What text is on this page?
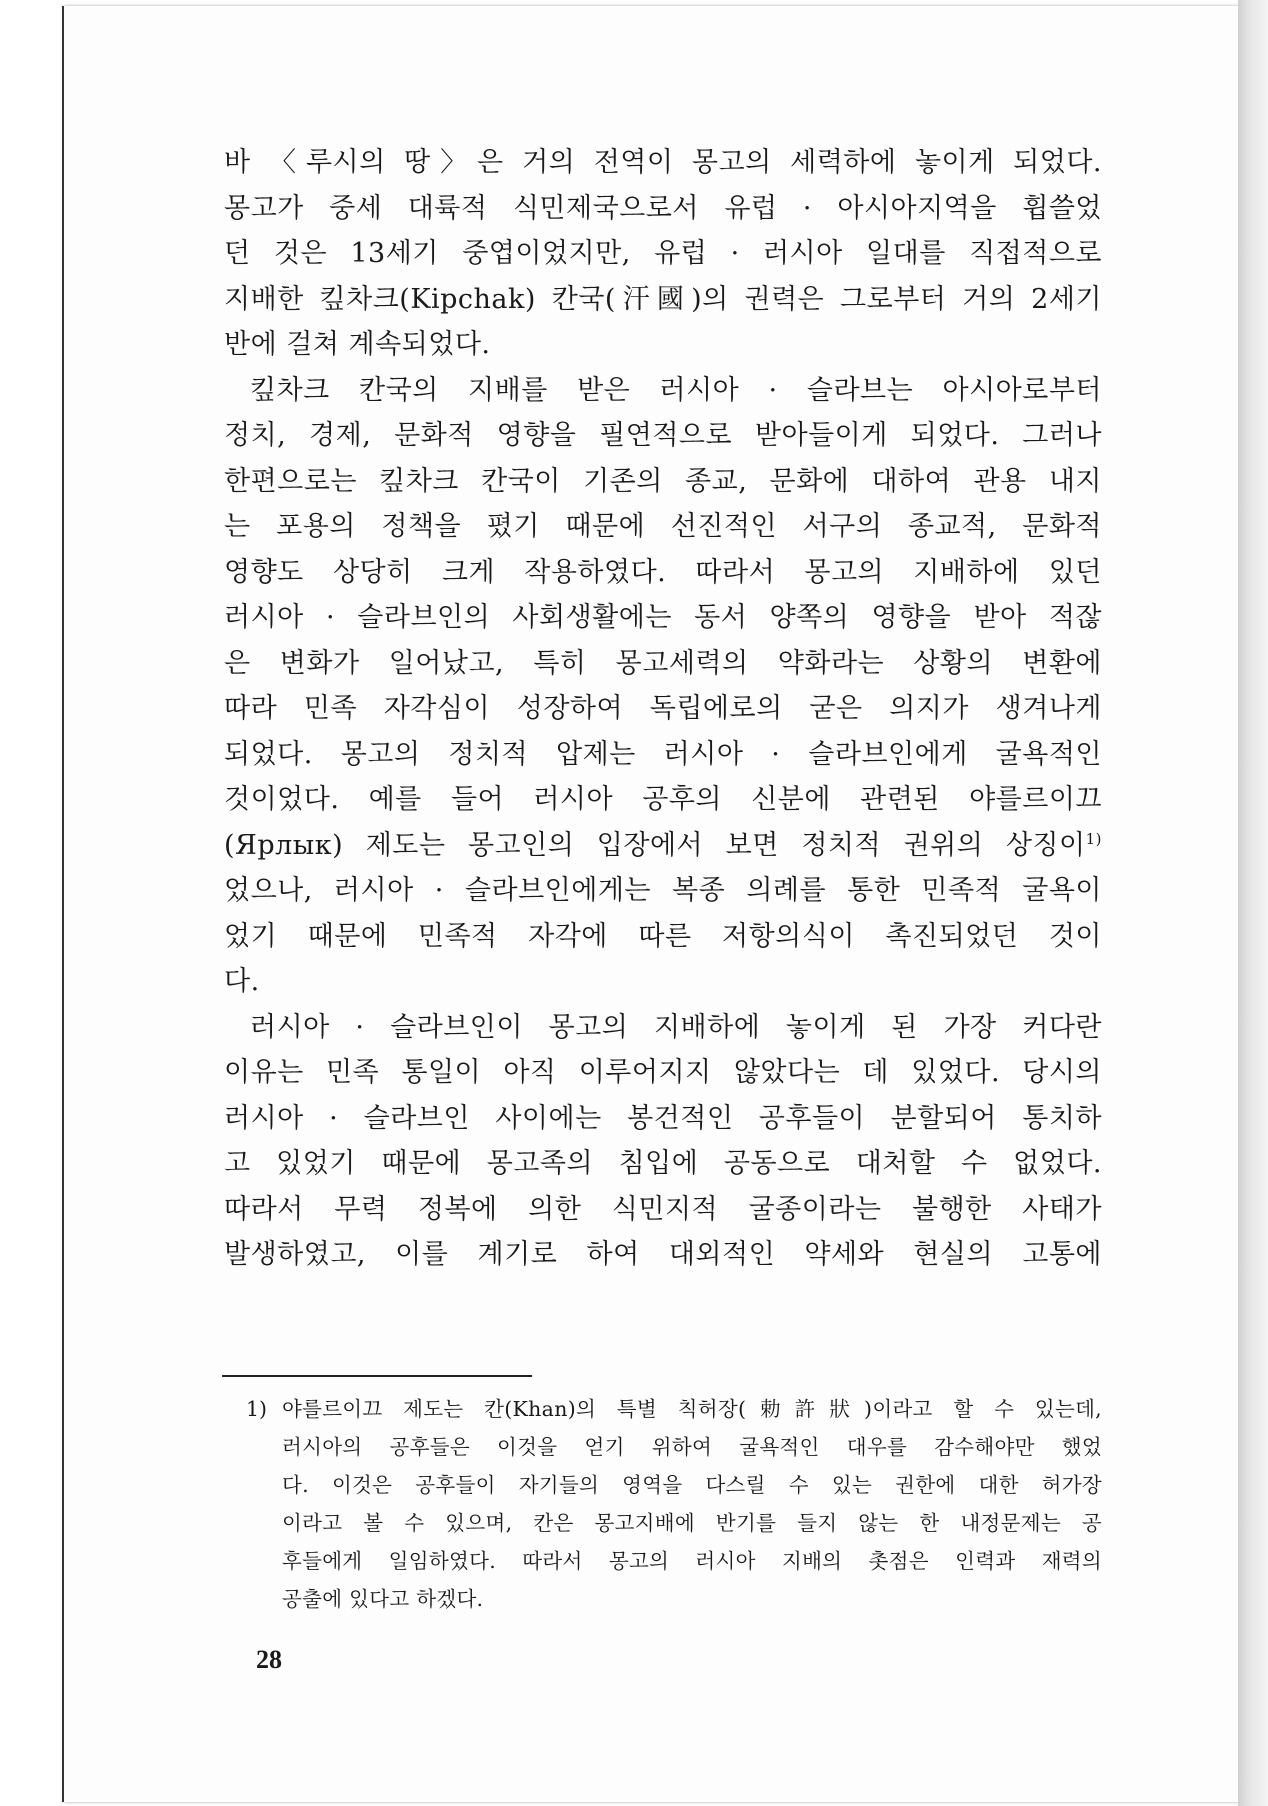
바 〈루시의 땅〉은 거의 전역이 몽고의 세력하에 놓이게 되었다.

몽고가 중세 대륙적 식민제국으로서 유럽 · 아시아지역을 휩쓸었

던 것은 13세기 중엽이었지만, 유럽 · 러시아 일대를 직접적으로

지배한 킾차크(Kipchak) 칸국(汗國)의 권력은 그로부터 거의 2세기

반에 걸쳐 계속되었다.

킾차크 칸국의 지배를 받은 러시아 · 슬라브는 아시아로부터

정치, 경제, 문화적 영향을 필연적으로 받아들이게 되었다. 그러나

한편으로는 킾차크 칸국이 기존의 종교, 문화에 대하여 관용 내지

는 포용의 정책을 폈기 때문에 선진적인 서구의 종교적, 문화적

영향도 상당히 크게 작용하였다. 따라서 몽고의 지배하에 있던

러시아 · 슬라브인의 사회생활에는 동서 양쪽의 영향을 받아 적잖

은 변화가 일어났고, 특히 몽고세력의 약화라는 상황의 변환에

따라 민족 자각심이 성장하여 독립에로의 굳은 의지가 생겨나게

되었다. 몽고의 정치적 압제는 러시아 · 슬라브인에게 굴욕적인

것이었다. 예를 들어 러시아 공후의 신분에 관련된 야를르이끄

(Ярлык) 제도는 몽고인의 입장에서 보면 정치적 권위의 상징이$^{1)}$

었으나, 러시아 · 슬라브인에게는 복종 의례를 통한 민족적 굴욕이

었기 때문에 민족적 자각에 따른 저항의식이 촉진되었던 것이

다.

러시아 · 슬라브인이 몽고의 지배하에 놓이게 된 가장 커다란

이유는 민족 통일이 아직 이루어지지 않았다는 데 있었다. 당시의

러시아 · 슬라브인 사이에는 봉건적인 공후들이 분할되어 통치하

고 있었기 때문에 몽고족의 침입에 공동으로 대처할 수 없었다.

따라서 무력 정복에 의한 식민지적 굴종이라는 불행한 사태가

발생하였고, 이를 계기로 하여 대외적인 약세와 현실의 고통에

1) 야를르이끄 제도는 칸(Khan)의 특별 칙허장(勅許狀)이라고 할 수 있는데,

러시아의 공후들은 이것을 얻기 위하여 굴욕적인 대우를 감수해야만 했었

다. 이것은 공후들이 자기들의 영역을 다스릴 수 있는 권한에 대한 허가장

이라고 볼 수 있으며, 칸은 몽고지배에 반기를 들지 않는 한 내정문제는 공

후들에게 일임하였다. 따라서 몽고의 러시아 지배의 촛점은 인력과 재력의

공출에 있다고 하겠다.

28
